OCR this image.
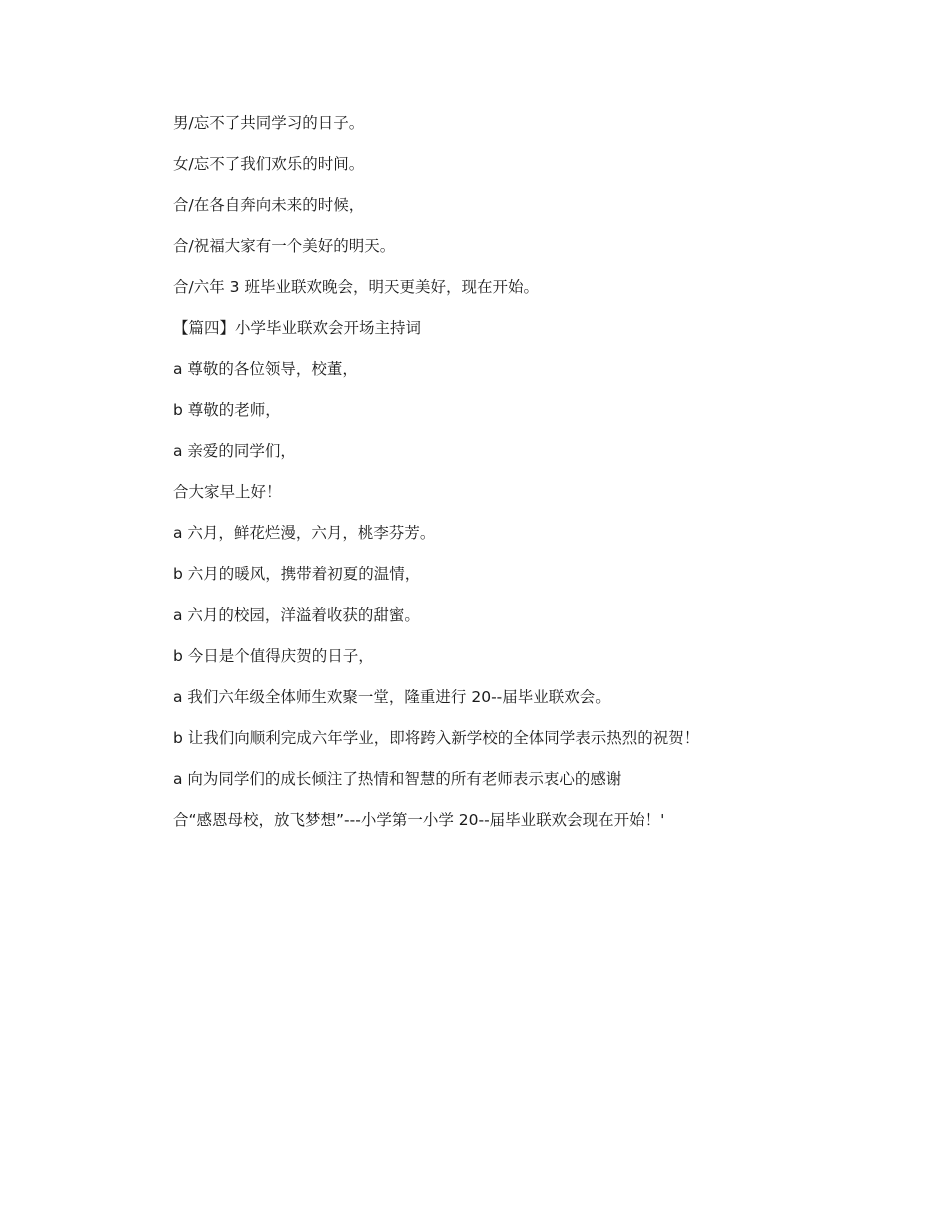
男/忘不了共同学习的日子。
女/忘不了我们欢乐的时间。
合/在各自奔向未来的时候，
合/祝福大家有一个美好的明天。
合/六年 3 班毕业联欢晚会，明天更美好，现在开始。
【篇四】小学毕业联欢会开场主持词
a 尊敬的各位领导，校董，
b 尊敬的老师，
a 亲爱的同学们，
合大家早上好！
a 六月，鲜花烂漫，六月，桃李芬芳。
b 六月的暖风，携带着初夏的温情，
a 六月的校园，洋溢着收获的甜蜜。
b 今日是个值得庆贺的日子，
a 我们六年级全体师生欢聚一堂，隆重进行 20--届毕业联欢会。
b 让我们向顺利完成六年学业，即将跨入新学校的全体同学表示热烈的祝贺！
a 向为同学们的成长倾注了热情和智慧的所有老师表示衷心的感谢
合“感恩母校，放飞梦想”---小学第一小学 20--届毕业联欢会现在开始！'
